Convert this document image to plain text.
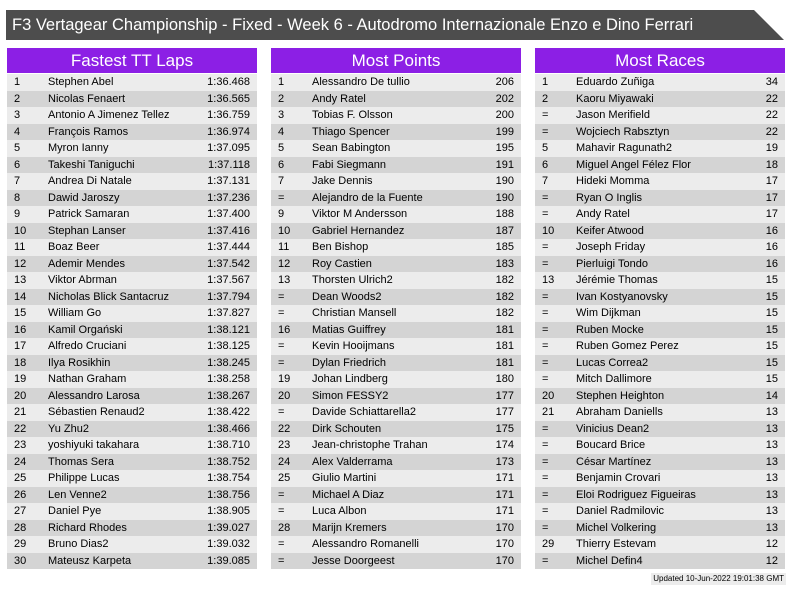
F3 Vertagear Championship - Fixed - Week 6 - Autodromo Internazionale Enzo e Dino Ferrari
Fastest TT Laps
1	Stephen Abel	1:36.468
2	Nicolas Fenaert	1:36.565
3	Antonio A Jimenez Tellez	1:36.759
4	François Ramos	1:36.974
5	Myron Ianny	1:37.095
6	Takeshi Taniguchi	1:37.118
7	Andrea Di Natale	1:37.131
8	Dawid Jaroszy	1:37.236
9	Patrick Samaran	1:37.400
10 Stephan Lanser	1:37.416
11 Boaz Beer	1:37.444
12 Ademir Mendes	1:37.542
13 Viktor Abrman	1:37.567
14 Nicholas Blick Santacruz	1:37.794
15 William Go	1:37.827
16 Kamil Orgański	1:38.121
17 Alfredo Cruciani	1:38.125
18 Ilya Rosikhin	1:38.245
19 Nathan Graham	1:38.258
20 Alessandro Larosa	1:38.267
21 Sébastien Renaud2	1:38.422
22 Yu Zhu2	1:38.466
23 yoshiyuki takahara	1:38.710
24 Thomas Sera	1:38.752
25 Philippe Lucas	1:38.754
26 Len Venne2	1:38.756
27 Daniel Pye	1:38.905
28 Richard Rhodes	1:39.027
29 Bruno Dias2	1:39.032
30 Mateusz Karpeta	1:39.085
Most Points
1	Alessandro De tullio	206
2	Andy Ratel	202
3	Tobias F. Olsson	200
4	Thiago Spencer	199
5	Sean Babington	195
6	Fabi Siegmann	191
7	Jake Dennis	190
=	Alejandro de la Fuente	190
9	Viktor M Andersson	188
10 Gabriel Hernandez	187
11 Ben Bishop	185
12 Roy Castien	183
13 Thorsten Ulrich2	182
=	Dean Woods2	182
=	Christian Mansell	182
16 Matias Guiffrey	181
=	Kevin Hooijmans	181
=	Dylan Friedrich	181
19 Johan Lindberg	180
20 Simon FESSY2	177
=	Davide Schiattarella2	177
22 Dirk Schouten	175
23 Jean-christophe Trahan	174
24 Alex Valderrama	173
25 Giulio Martini	171
=	Michael A Diaz	171
=	Luca Albon	171
28 Marijn Kremers	170
=	Alessandro Romanelli	170
=	Jesse Doorgeest	170
Most Races
1	Eduardo Zuñiga	34
2	Kaoru Miyawaki	22
=	Jason Merifield	22
=	Wojciech Rabsztyn	22
5	Mahavir Ragunath2	19
6	Miguel Angel Félez Flor	18
7	Hideki Momma	17
=	Ryan O Inglis	17
=	Andy Ratel	17
10 Keifer Atwood	16
=	Joseph Friday	16
=	Pierluigi Tondo	16
13 Jérémie Thomas	15
=	Ivan Kostyanovsky	15
=	Wim Dijkman	15
=	Ruben Mocke	15
=	Ruben Gomez Perez	15
=	Lucas Correa2	15
=	Mitch Dallimore	15
20 Stephen Heighton	14
21 Abraham Daniells	13
=	Vinicius Dean2	13
=	Boucard Brice	13
=	César Martínez	13
=	Benjamin Crovari	13
=	Eloi Rodriguez Figueiras	13
=	Daniel Radmilovic	13
=	Michel Volkering	13
29 Thierry Estevam	12
=	Michel Defin4	12
Updated 10-Jun-2022 19:01:38 GMT
